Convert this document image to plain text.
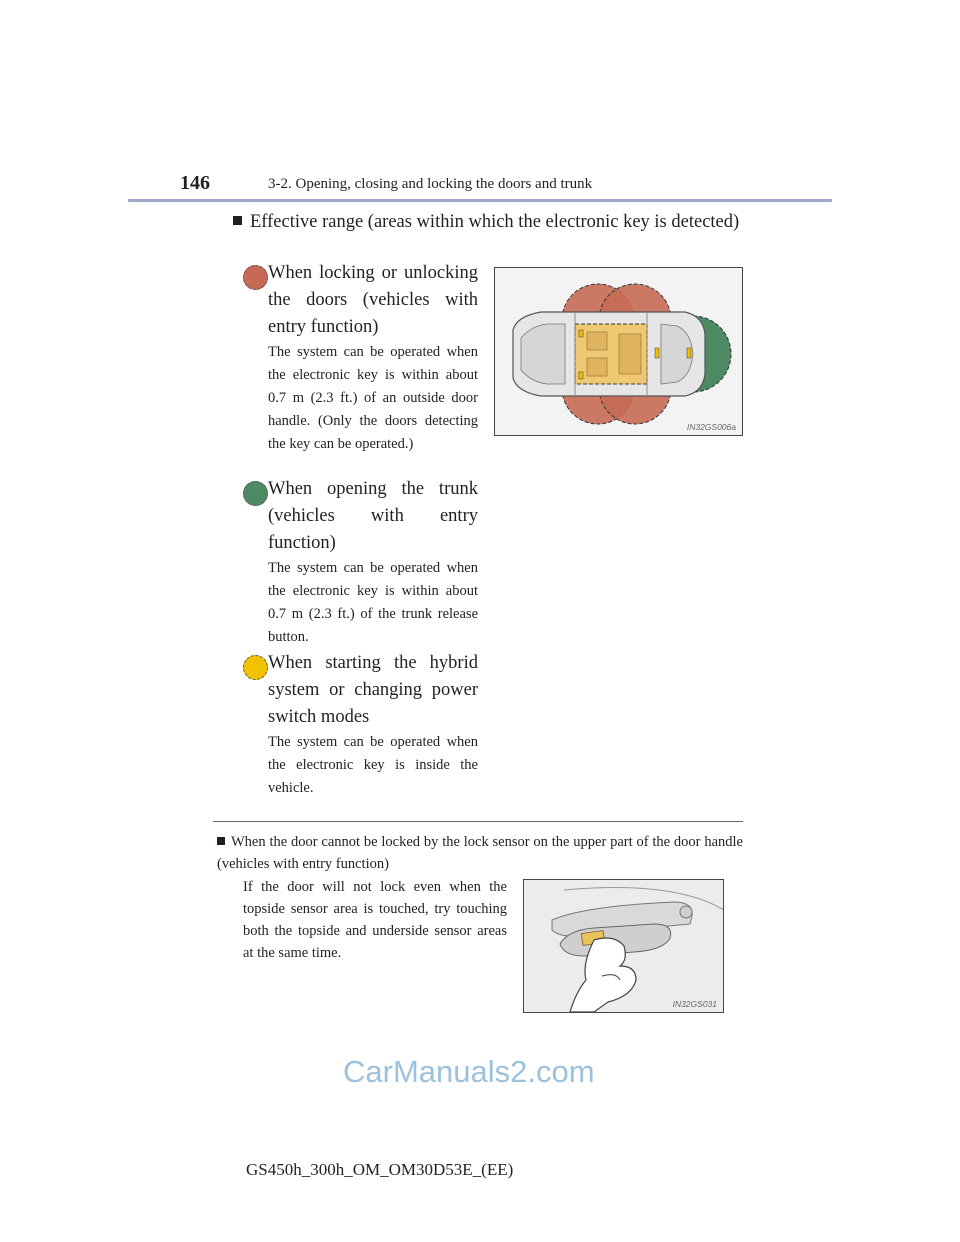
146	3-2. Opening, closing and locking the doors and trunk
Effective range (areas within which the electronic key is detected)
When locking or unlocking the doors (vehicles with entry function)
The system can be operated when the electronic key is within about 0.7 m (2.3 ft.) of an outside door handle. (Only the doors detecting the key can be operated.)
When opening the trunk (vehicles with entry function)
The system can be operated when the electronic key is within about 0.7 m (2.3 ft.) of the trunk release button.
When starting the hybrid system or changing power switch modes
The system can be operated when the electronic key is inside the vehicle.
IN32GS006a
When the door cannot be locked by the lock sensor on the upper part of the door handle (vehicles with entry function)
If the door will not lock even when the topside sensor area is touched, try touching both the topside and underside sensor areas at the same time.
IN32GS031
CarManuals2.com
GS450h_300h_OM_OM30D53E_(EE)
